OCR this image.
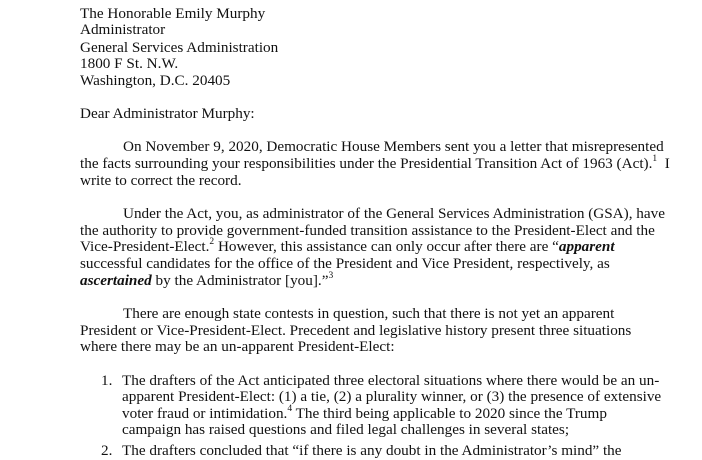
The Honorable Emily Murphy
Administrator
General Services Administration
1800 F St. N.W.
Washington, D.C. 20405
Dear Administrator Murphy:
On November 9, 2020, Democratic House Members sent you a letter that misrepresented
the facts surrounding your responsibilities under the Presidential Transition Act of 1963 (Act).$^1$  I
write to correct the record.
Under the Act, you, as administrator of the General Services Administration (GSA), have
the authority to provide government-funded transition assistance to the President-Elect and the
Vice-President-Elect.$^2$ However, this assistance can only occur after there are “apparent
successful candidates for the office of the President and Vice President, respectively, as
ascertained by the Administrator [you].”$^3$
There are enough state contests in question, such that there is not yet an apparent
President or Vice-President-Elect. Precedent and legislative history present three situations
where there may be an un-apparent President-Elect:
1. The drafters of the Act anticipated three electoral situations where there would be an un-
apparent President-Elect: (1) a tie, (2) a plurality winner, or (3) the presence of extensive
voter fraud or intimidation.$^4$ The third being applicable to 2020 since the Trump
campaign has raised questions and filed legal challenges in several states;
2. The drafters concluded that “if there is any doubt in the Administrator’s mind” the
